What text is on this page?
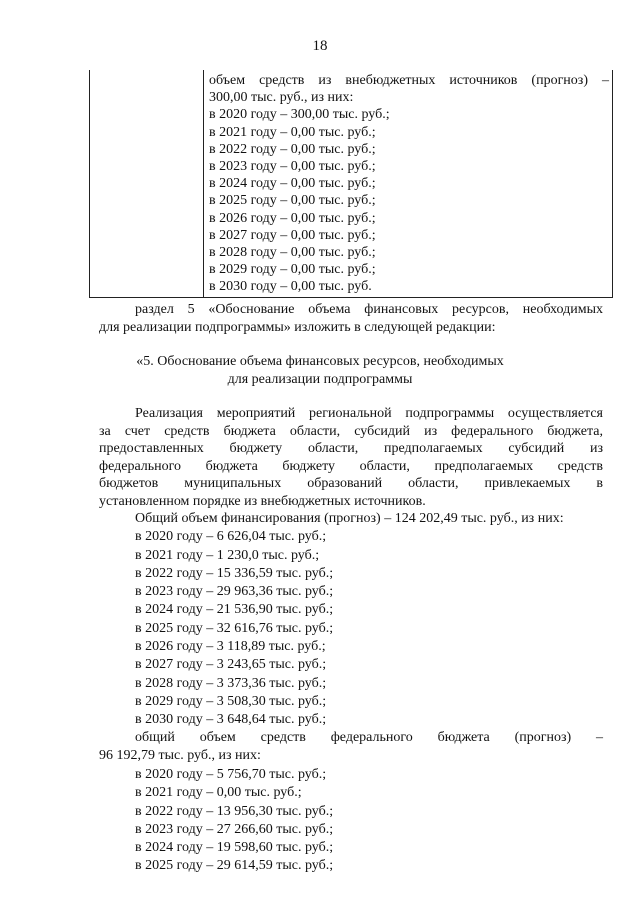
18
объем средств из внебюджетных источников (прогноз) –
300,00 тыс. руб., из них:
в 2020 году – 300,00 тыс. руб.;
в 2021 году – 0,00 тыс. руб.;
в 2022 году – 0,00 тыс. руб.;
в 2023 году – 0,00 тыс. руб.;
в 2024 году – 0,00 тыс. руб.;
в 2025 году – 0,00 тыс. руб.;
в 2026 году – 0,00 тыс. руб.;
в 2027 году – 0,00 тыс. руб.;
в 2028 году – 0,00 тыс. руб.;
в 2029 году – 0,00 тыс. руб.;
в 2030 году – 0,00 тыс. руб.
раздел 5 «Обоснование объема финансовых ресурсов, необходимых
для реализации подпрограммы» изложить в следующей редакции:
«5. Обоснование объема финансовых ресурсов, необходимых
для реализации подпрограммы
Реализация мероприятий региональной подпрограммы осуществляется
за счет средств бюджета области, субсидий из федерального бюджета,
предоставленных бюджету области, предполагаемых субсидий из
федерального бюджета бюджету области, предполагаемых средств
бюджетов муниципальных образований области, привлекаемых в
установленном порядке из внебюджетных источников.
Общий объем финансирования (прогноз) – 124 202,49 тыс. руб., из них:
в 2020 году – 6 626,04 тыс. руб.;
в 2021 году – 1 230,0 тыс. руб.;
в 2022 году – 15 336,59 тыс. руб.;
в 2023 году – 29 963,36 тыс. руб.;
в 2024 году – 21 536,90 тыс. руб.;
в 2025 году – 32 616,76 тыс. руб.;
в 2026 году – 3 118,89 тыс. руб.;
в 2027 году – 3 243,65 тыс. руб.;
в 2028 году – 3 373,36 тыс. руб.;
в 2029 году – 3 508,30 тыс. руб.;
в 2030 году – 3 648,64 тыс. руб.;
общий объем средств федерального бюджета (прогноз) –
96 192,79 тыс. руб., из них:
в 2020 году – 5 756,70 тыс. руб.;
в 2021 году – 0,00 тыс. руб.;
в 2022 году – 13 956,30 тыс. руб.;
в 2023 году – 27 266,60 тыс. руб.;
в 2024 году – 19 598,60 тыс. руб.;
в 2025 году – 29 614,59 тыс. руб.;
